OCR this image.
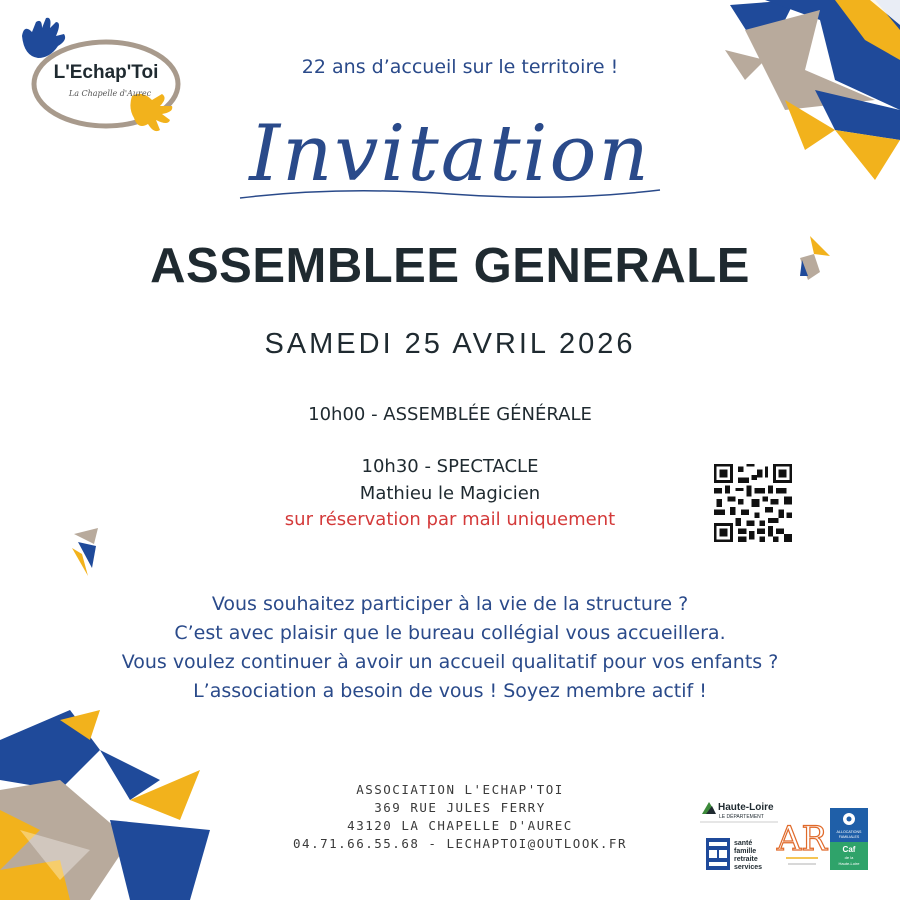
L'Echap'Toi
La Chapelle d'Aurec
22 ans d’accueil sur le territoire !
Invitation
ASSEMBLEE GENERALE
SAMEDI 25 AVRIL 2026
10h00 - ASSEMBLÉE GÉNÉRALE
10h30 - SPECTACLE
Mathieu le Magicien
sur réservation par mail uniquement
Vous souhaitez participer à la vie de la structure ?
C’est avec plaisir que le bureau collégial vous accueillera.
Vous voulez continuer à avoir un accueil qualitatif pour vos enfants ?
L’association a besoin de vous ! Soyez membre actif !
ASSOCIATION L'ECHAP'TOI
369 RUE JULES FERRY
43120 LA CHAPELLE D'AUREC
04.71.66.55.68 - LECHAPTOI@OUTLOOK.FR
Haute-Loire
LE DÉPARTEMENT
santé
famille
retraite
services
AR	ALLOCATIONS
FAMILIALES
Caf
de la
Haute-Loire
